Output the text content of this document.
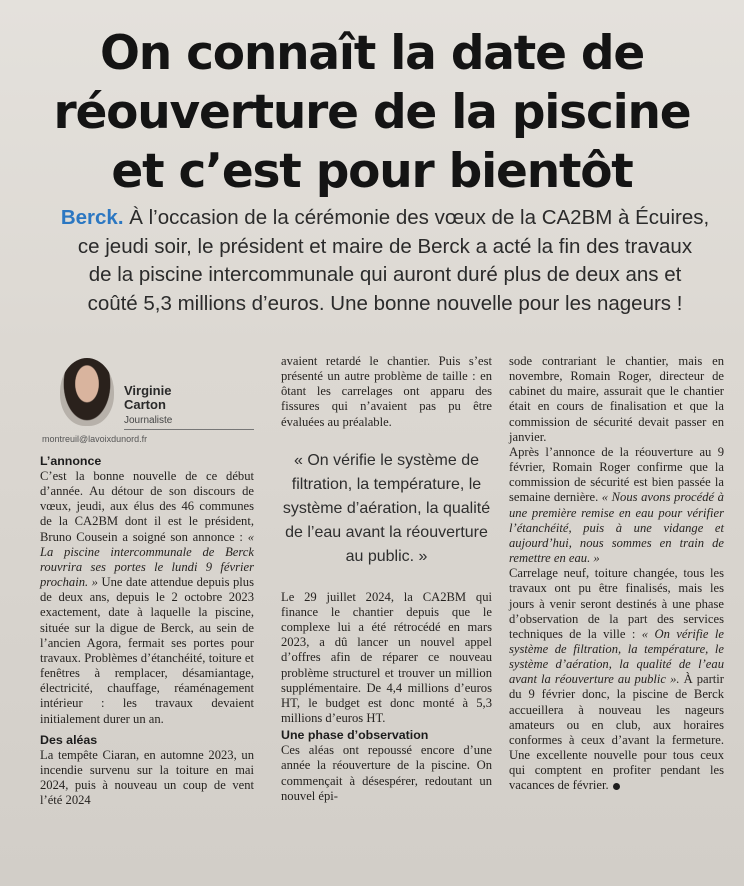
On connaît la date de
réouverture de la piscine
et c’est pour bientôt
Berck. À l’occasion de la cérémonie des vœux de la CA2BM à Écuires,
ce jeudi soir, le président et maire de Berck a acté la fin des travaux
de la piscine intercommunale qui auront duré plus de deux ans et
coûté 5,3 millions d’euros. Une bonne nouvelle pour les nageurs !
Virginie
Carton
Journaliste
montreuil@lavoixdunord.fr

L’annonce

C’est la bonne nouvelle de ce début d’année. Au détour de son discours de vœux, jeudi, aux élus des 46 communes de la CA2BM dont il est le président, Bruno Cousein a soigné son annonce : « La piscine intercommunale de Berck rouvrira ses portes le lundi 9 février prochain. » Une date attendue depuis plus de deux ans, depuis le 2 octobre 2023 exactement, date à laquelle la piscine, située sur la digue de Berck, au sein de l’ancien Agora, fermait ses portes pour travaux. Problèmes d’étanchéité, toiture et fenêtres à remplacer, désamiantage, électricité, chauffage, réaménagement intérieur : les travaux devaient initialement durer un an.

Des aléas

La tempête Ciaran, en automne 2023, un incendie survenu sur la toiture en mai 2024, puis à nouveau un coup de vent l’été 2024

avaient retardé le chantier. Puis s’est présenté un autre problème de taille : en ôtant les carrelages ont apparu des fissures qui n’avaient pas pu être évaluées au préalable.

« On vérifie le système de filtration, la température, le système d’aération, la qualité de l’eau avant la réouverture au public. »

Le 29 juillet 2024, la CA2BM qui finance le chantier depuis que le complexe lui a été rétrocédé en mars 2023, a dû lancer un nouvel appel d’offres afin de réparer ce nouveau problème structurel et trouver un million supplémentaire. De 4,4 millions d’euros HT, le budget est donc monté à 5,3 millions d’euros HT.

Une phase d’observation

Ces aléas ont repoussé encore d’une année la réouverture de la piscine. On commençait à désespérer, redoutant un nouvel épi-

sode contrariant le chantier, mais en novembre, Romain Roger, directeur de cabinet du maire, assurait que le chantier était en cours de finalisation et que la commission de sécurité devait passer en janvier.

Après l’annonce de la réouverture au 9 février, Romain Roger confirme que la commission de sécurité est bien passée la semaine dernière. « Nous avons procédé à une première remise en eau pour vérifier l’étanchéité, puis à une vidange et aujourd’hui, nous sommes en train de remettre en eau. »

Carrelage neuf, toiture changée, tous les travaux ont pu être finalisés, mais les jours à venir seront destinés à une phase d’observation de la part des services techniques de la ville : « On vérifie le système de filtration, la température, le système d’aération, la qualité de l’eau avant la réouverture au public ». À partir du 9 février donc, la piscine de Berck accueillera à nouveau les nageurs amateurs ou en club, aux horaires conformes à ceux d’avant la fermeture. Une excellente nouvelle pour tous ceux qui comptent en profiter pendant les vacances de février.
